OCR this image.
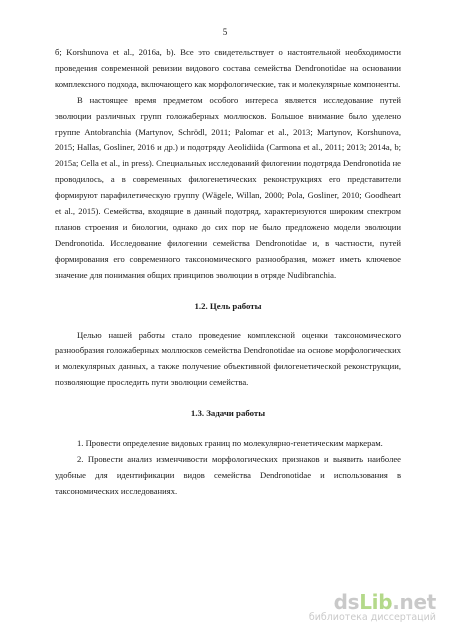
5

б; Korshunova et al., 2016а, b). Все это свидетельствует о настоятельной необходимости проведения современной ревизии видового состава семейства Dendronotidae на основании комплексного подхода, включающего как морфологические, так и молекулярные компоненты.

В настоящее время предметом особого интереса является исследование путей эволюции различных групп голожаберных моллюсков. Большое внимание было уделено группе Antobranchia (Martynov, Schrödl, 2011; Palomar et al., 2013; Martynov, Korshunova, 2015; Hallas, Gosliner, 2016 и др.) и подотряду Aeolidiida (Carmona et al., 2011; 2013; 2014а, b; 2015а; Cella et al., in press). Специальных исследований филогении подотряда Dendronotida не проводилось, а в современных филогенетических реконструкциях его представители формируют парафилетическую группу (Wägele, Willan, 2000; Pola, Gosliner, 2010; Goodheart et al., 2015). Семейства, входящие в данный подотряд, характеризуются широким спектром планов строения и биологии, однако до сих пор не было предложено модели эволюции Dendronotida. Исследование филогении семейства Dendronotidae и, в частности, путей формирования его современного таксономического разнообразия, может иметь ключевое значение для понимания общих принципов эволюции в отряде Nudibranchia.

1.2. Цель работы

Целью нашей работы стало проведение комплексной оценки таксономического разнообразия голожаберных моллюсков семейства Dendronotidae на основе морфологических и молекулярных данных, а также получение объективной филогенетической реконструкции, позволяющие проследить пути эволюции семейства.

1.3. Задачи работы

1. Провести определение видовых границ по молекулярно-генетическим маркерам.

2. Провести анализ изменчивости морфологических признаков и выявить наиболее удобные для идентификации видов семейства Dendronotidae и использования в таксономических исследованиях.

dsLib.net
библиотека диссертаций
